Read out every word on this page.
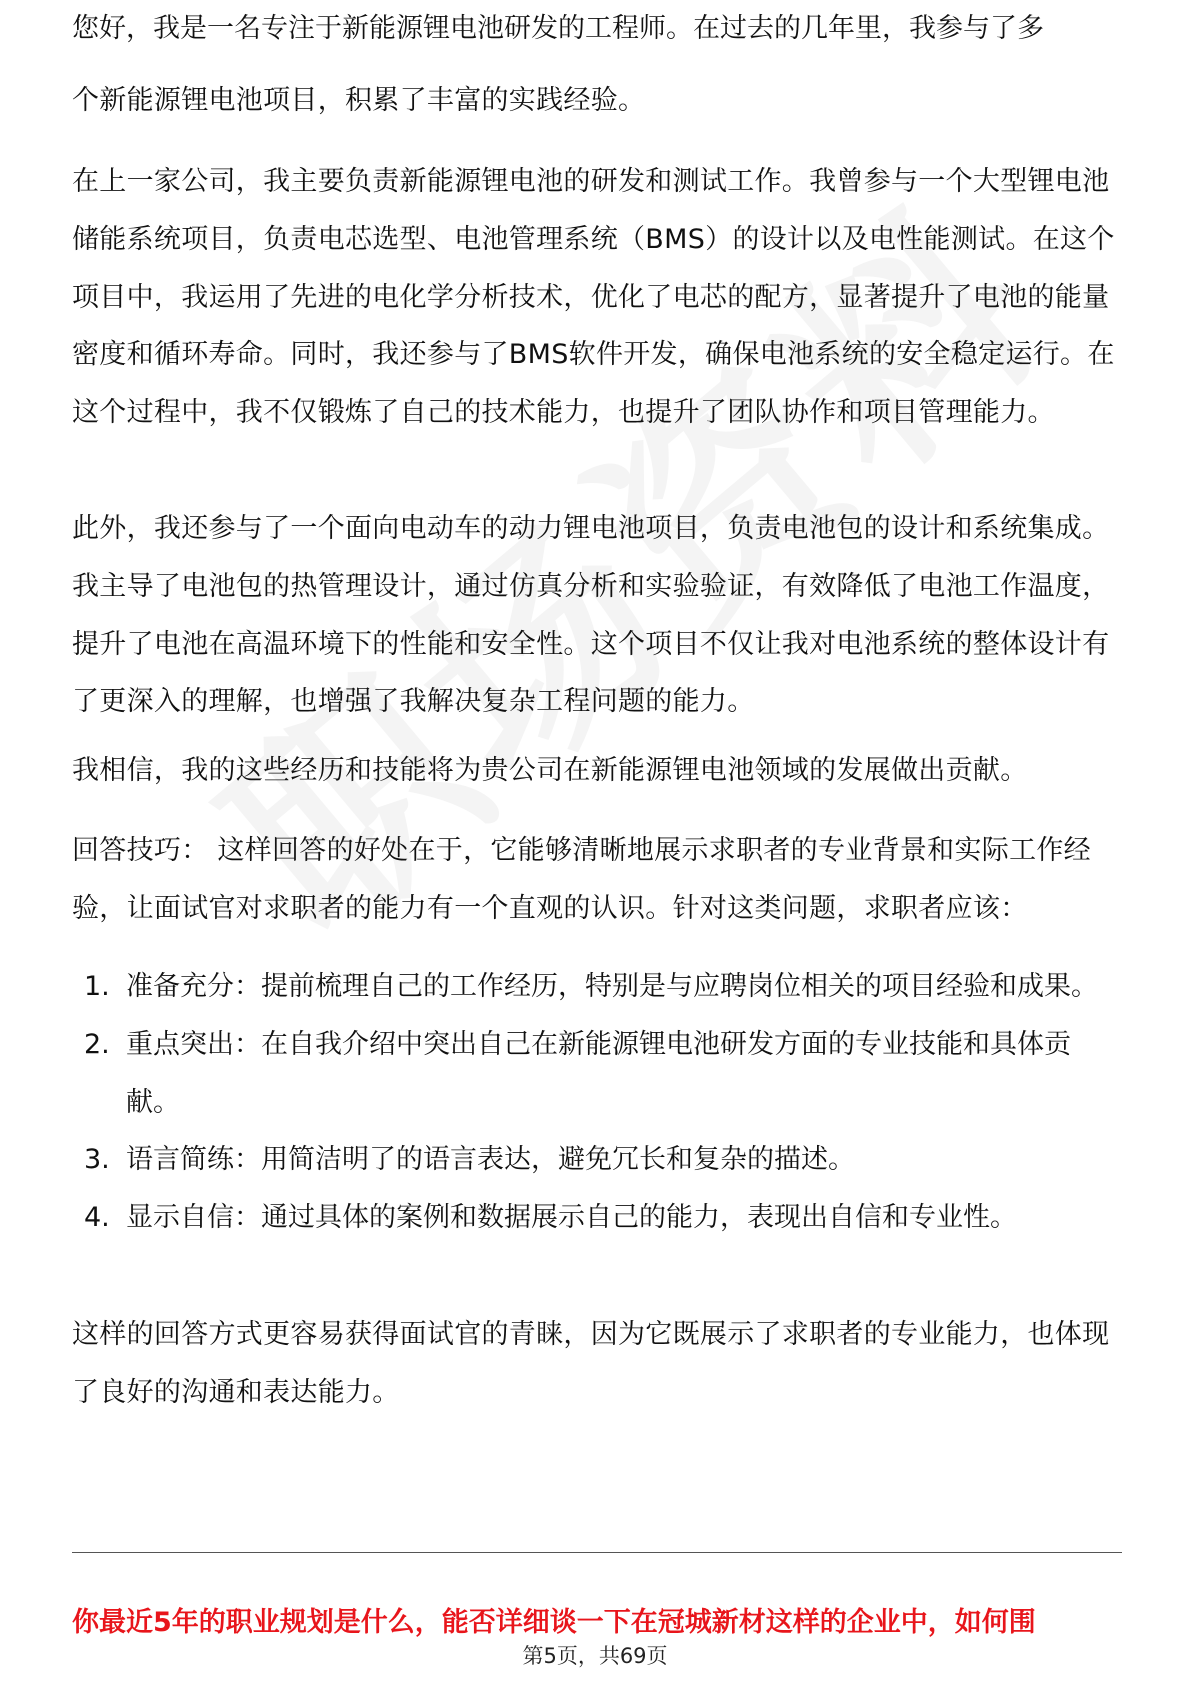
您好，我是一名专注于新能源锂电池研发的工程师。在过去的几年里，我参与了多

个新能源锂电池项目，积累了丰富的实践经验。

在上一家公司，我主要负责新能源锂电池的研发和测试工作。我曾参与一个大型锂电池储能系统项目，负责电芯选型、电池管理系统（BMS）的设计以及电性能测试。在这个项目中，我运用了先进的电化学分析技术，优化了电芯的配方，显著提升了电池的能量密度和循环寿命。同时，我还参与了BMS软件开发，确保电池系统的安全稳定运行。在这个过程中，我不仅锻炼了自己的技术能力，也提升了团队协作和项目管理能力。

此外，我还参与了一个面向电动车的动力锂电池项目，负责电池包的设计和系统集成。我主导了电池包的热管理设计，通过仿真分析和实验验证，有效降低了电池工作温度，提升了电池在高温环境下的性能和安全性。这个项目不仅让我对电池系统的整体设计有了更深入的理解，也增强了我解决复杂工程问题的能力。

我相信，我的这些经历和技能将为贵公司在新能源锂电池领域的发展做出贡献。

回答技巧： 这样回答的好处在于，它能够清晰地展示求职者的专业背景和实际工作经验，让面试官对求职者的能力有一个直观的认识。针对这类问题，求职者应该：

1. 准备充分：提前梳理自己的工作经历，特别是与应聘岗位相关的项目经验和成果。
2. 重点突出：在自我介绍中突出自己在新能源锂电池研发方面的专业技能和具体贡献。
3. 语言简练：用简洁明了的语言表达，避免冗长和复杂的描述。
4. 显示自信：通过具体的案例和数据展示自己的能力，表现出自信和专业性。

这样的回答方式更容易获得面试官的青睐，因为它既展示了求职者的专业能力，也体现了良好的沟通和表达能力。

你最近5年的职业规划是什么，能否详细谈一下在冠城新材这样的企业中，如何围
第5页，共69页
